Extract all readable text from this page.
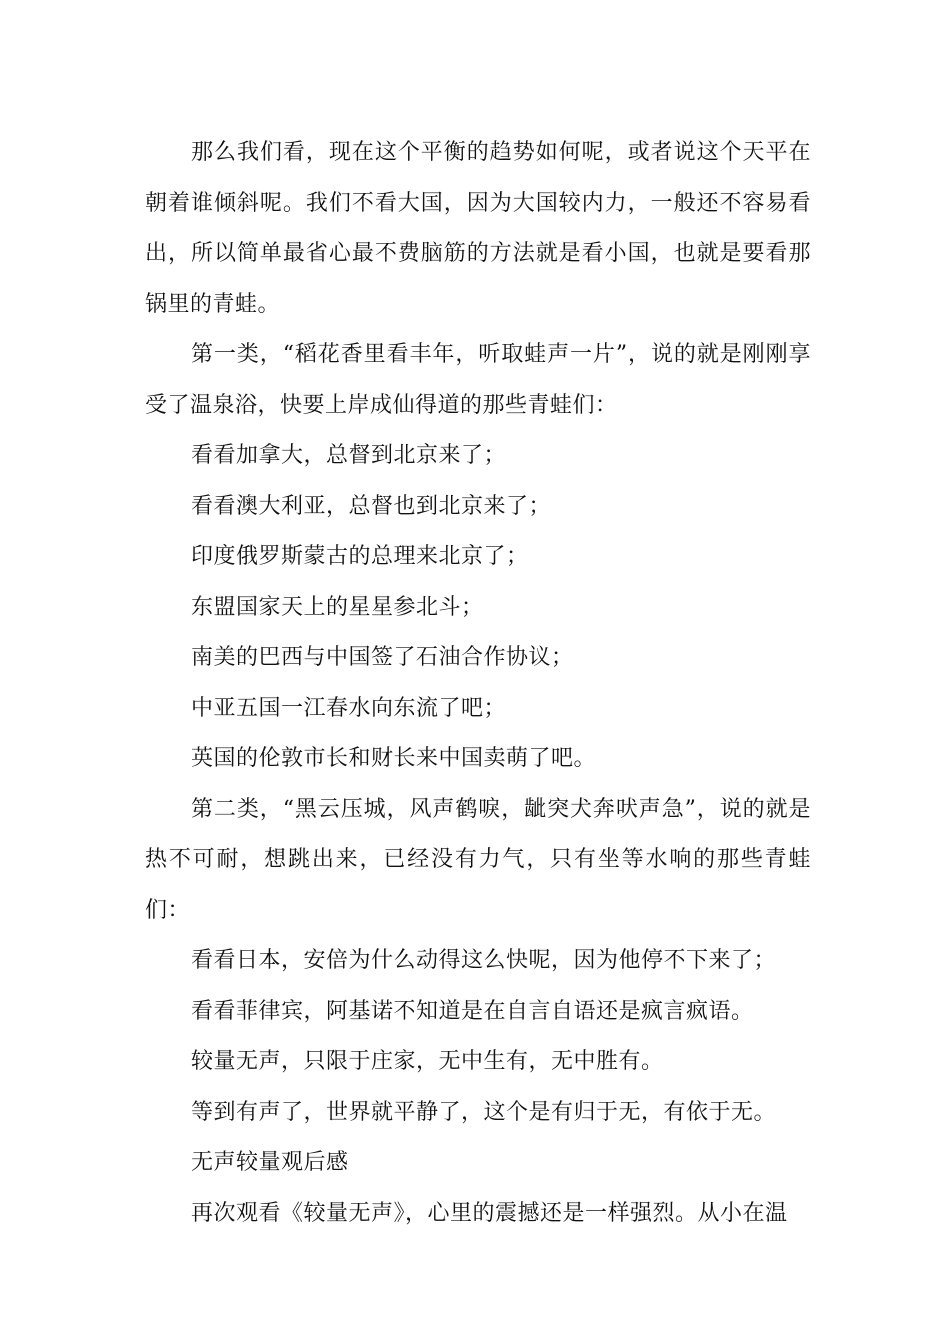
那么我们看，现在这个平衡的趋势如何呢，或者说这个天平在朝着谁倾斜呢。我们不看大国，因为大国较内力，一般还不容易看出，所以简单最省心最不费脑筋的方法就是看小国，也就是要看那锅里的青蛙。

第一类，“稻花香里看丰年，听取蛙声一片”，说的就是刚刚享受了温泉浴，快要上岸成仙得道的那些青蛙们：

看看加拿大，总督到北京来了；

看看澳大利亚，总督也到北京来了；

印度俄罗斯蒙古的总理来北京了；

东盟国家天上的星星参北斗；

南美的巴西与中国签了石油合作协议；

中亚五国一江春水向东流了吧；

英国的伦敦市长和财长来中国卖萌了吧。

第二类，“黑云压城，风声鹤唳，龇突犬奔吠声急”，说的就是热不可耐，想跳出来，已经没有力气，只有坐等水响的那些青蛙们：

看看日本，安倍为什么动得这么快呢，因为他停不下来了；

看看菲律宾，阿基诺不知道是在自言自语还是疯言疯语。

较量无声，只限于庄家，无中生有，无中胜有。

等到有声了，世界就平静了，这个是有归于无，有依于无。

无声较量观后感

再次观看《较量无声》，心里的震撼还是一样强烈。从小在温
